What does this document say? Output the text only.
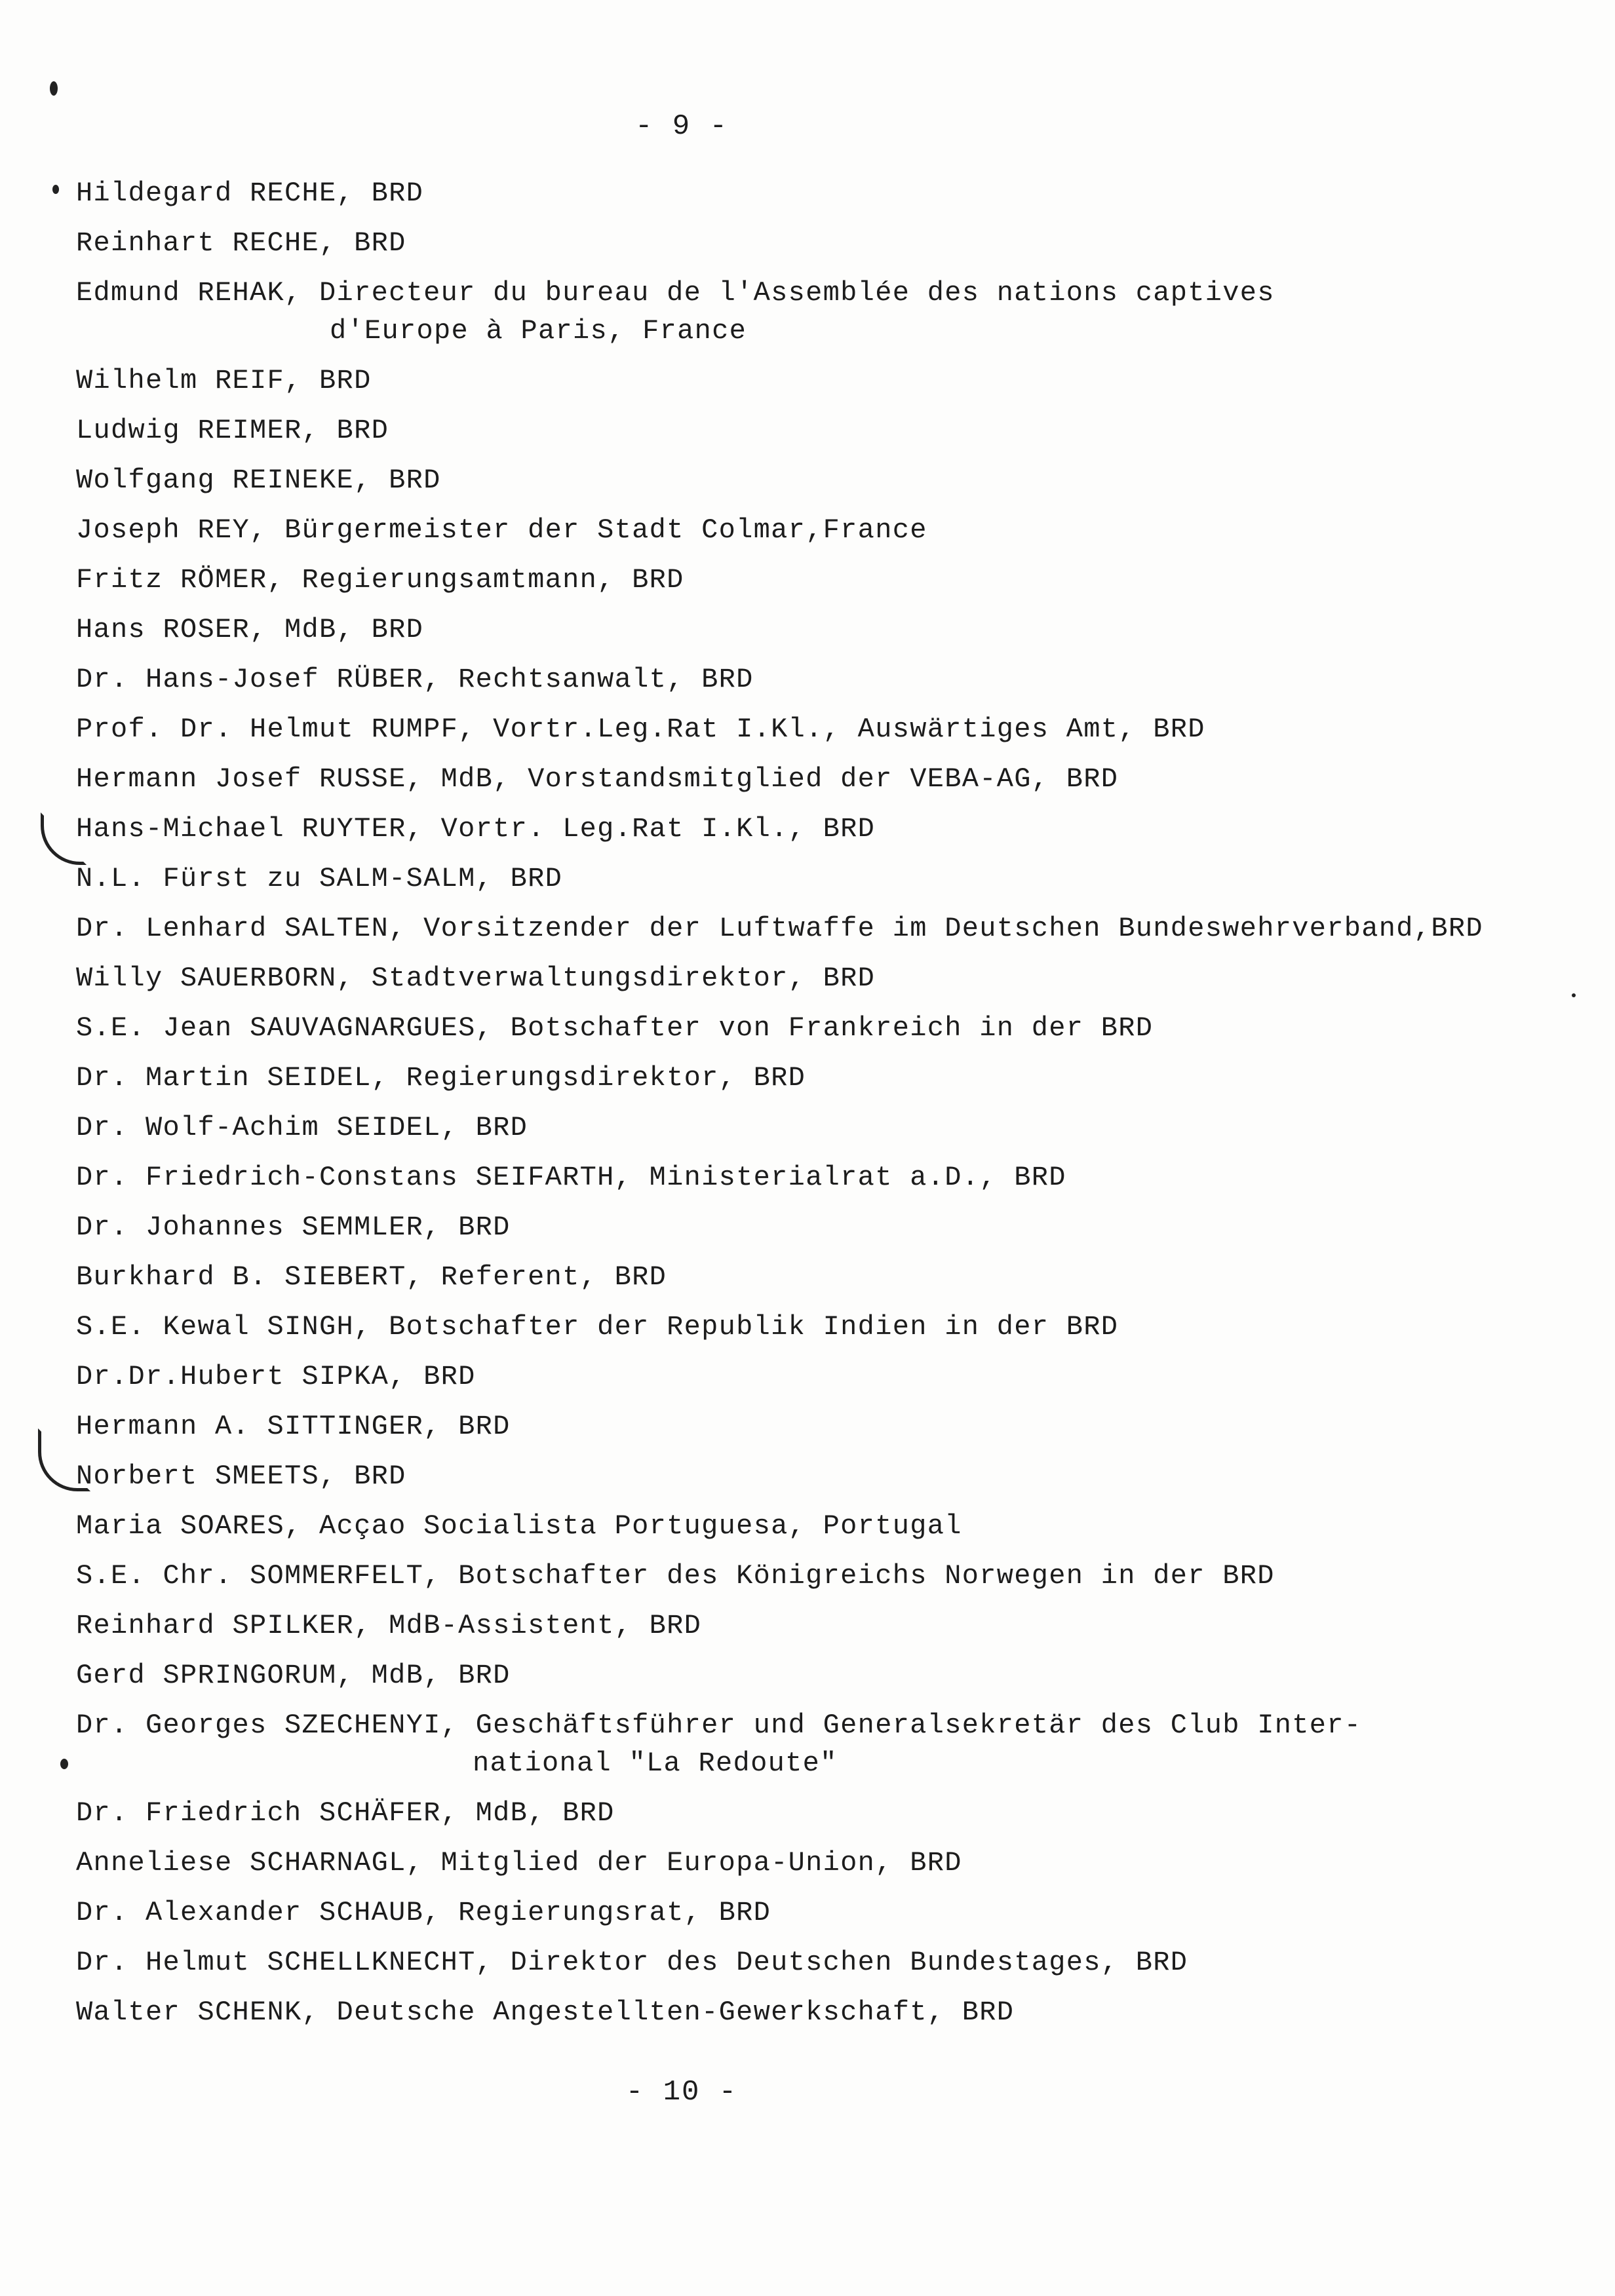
- 9 -

Hildegard RECHE, BRD
Reinhart RECHE, BRD
Edmund REHAK, Directeur du bureau de l'Assemblée des nations captives
d'Europe à Paris, France
Wilhelm REIF, BRD
Ludwig REIMER, BRD
Wolfgang REINEKE, BRD
Joseph REY, Bürgermeister der Stadt Colmar,France
Fritz RÖMER, Regierungsamtmann, BRD
Hans ROSER, MdB, BRD
Dr. Hans-Josef RÜBER, Rechtsanwalt, BRD
Prof. Dr. Helmut RUMPF, Vortr.Leg.Rat I.Kl., Auswärtiges Amt, BRD
Hermann Josef RUSSE, MdB, Vorstandsmitglied der VEBA-AG, BRD
Hans-Michael RUYTER, Vortr. Leg.Rat I.Kl., BRD
N.L. Fürst zu SALM-SALM, BRD
Dr. Lenhard SALTEN, Vorsitzender der Luftwaffe im Deutschen Bundeswehrverband,BRD
Willy SAUERBORN, Stadtverwaltungsdirektor, BRD
S.E. Jean SAUVAGNARGUES, Botschafter von Frankreich in der BRD
Dr. Martin SEIDEL, Regierungsdirektor, BRD
Dr. Wolf-Achim SEIDEL, BRD
Dr. Friedrich-Constans SEIFARTH, Ministerialrat a.D., BRD
Dr. Johannes SEMMLER, BRD
Burkhard B. SIEBERT, Referent, BRD
S.E. Kewal SINGH, Botschafter der Republik Indien in der BRD
Dr.Dr.Hubert SIPKA, BRD
Hermann A. SITTINGER, BRD
Norbert SMEETS, BRD
Maria SOARES, Acçao Socialista Portuguesa, Portugal
S.E. Chr. SOMMERFELT, Botschafter des Königreichs Norwegen in der BRD
Reinhard SPILKER, MdB-Assistent, BRD
Gerd SPRINGORUM, MdB, BRD
Dr. Georges SZECHENYI, Geschäftsführer und Generalsekretär des Club Inter-
national "La Redoute"
Dr. Friedrich SCHÄFER, MdB, BRD
Anneliese SCHARNAGL, Mitglied der Europa-Union, BRD
Dr. Alexander SCHAUB, Regierungsrat, BRD
Dr. Helmut SCHELLKNECHT, Direktor des Deutschen Bundestages, BRD
Walter SCHENK, Deutsche Angestellten-Gewerkschaft, BRD

- 10 -
